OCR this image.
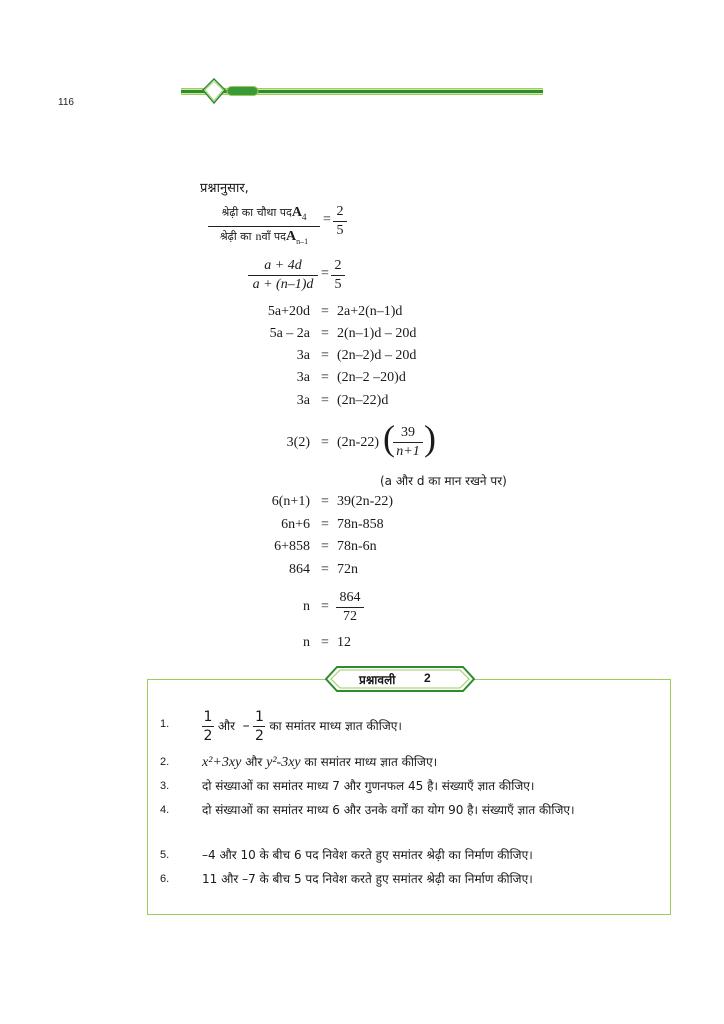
116	गणित–10
प्रश्नानुसार,
श्रेढ़ी का चौथा पदA$_4$
श्रेढ़ी का nवाँ पदA$_{n-1}$
=
2
5
a + 4d
a + (n–1)d
=
2
5
5a+20d = 2a+2(n–1)d
5a – 2a = 2(n–1)d – 20d
3a = (2n–2)d – 20d
3a = (2n–2 –20)d
3a = (2n–22)d
3(2) = (2n-22) ( 39
n+1 )
(a और d का मान रखने पर)
6(n+1) = 39(2n-22)
6n+6 = 78n-858
6+858 = 78n-6n
864 = 72n
n =
864
72
n = 12
1. $\frac{1}{2}$ और – $\frac{1}{2}$ का समांतर माध्य ज्ञात कीजिए।
2. x²+3xy और y²-3xy का समांतर माध्य ज्ञात कीजिए।
3.	दो संख्याओं का समांतर माध्य 7 और गुणनफल 45 है। संख्याएँ ज्ञात कीजिए।
4.	दो संख्याओं का समांतर माध्य 6 और उनके वर्गों का योग 90 है। संख्याएँ ज्ञात कीजिए।
5.	–4 और 10 के बीच 6 पद निवेश करते हुए समांतर श्रेढ़ी का निर्माण कीजिए।
6.	11 और –7 के बीच 5 पद निवेश करते हुए समांतर श्रेढ़ी का निर्माण कीजिए।
प्रश्नावली 2
